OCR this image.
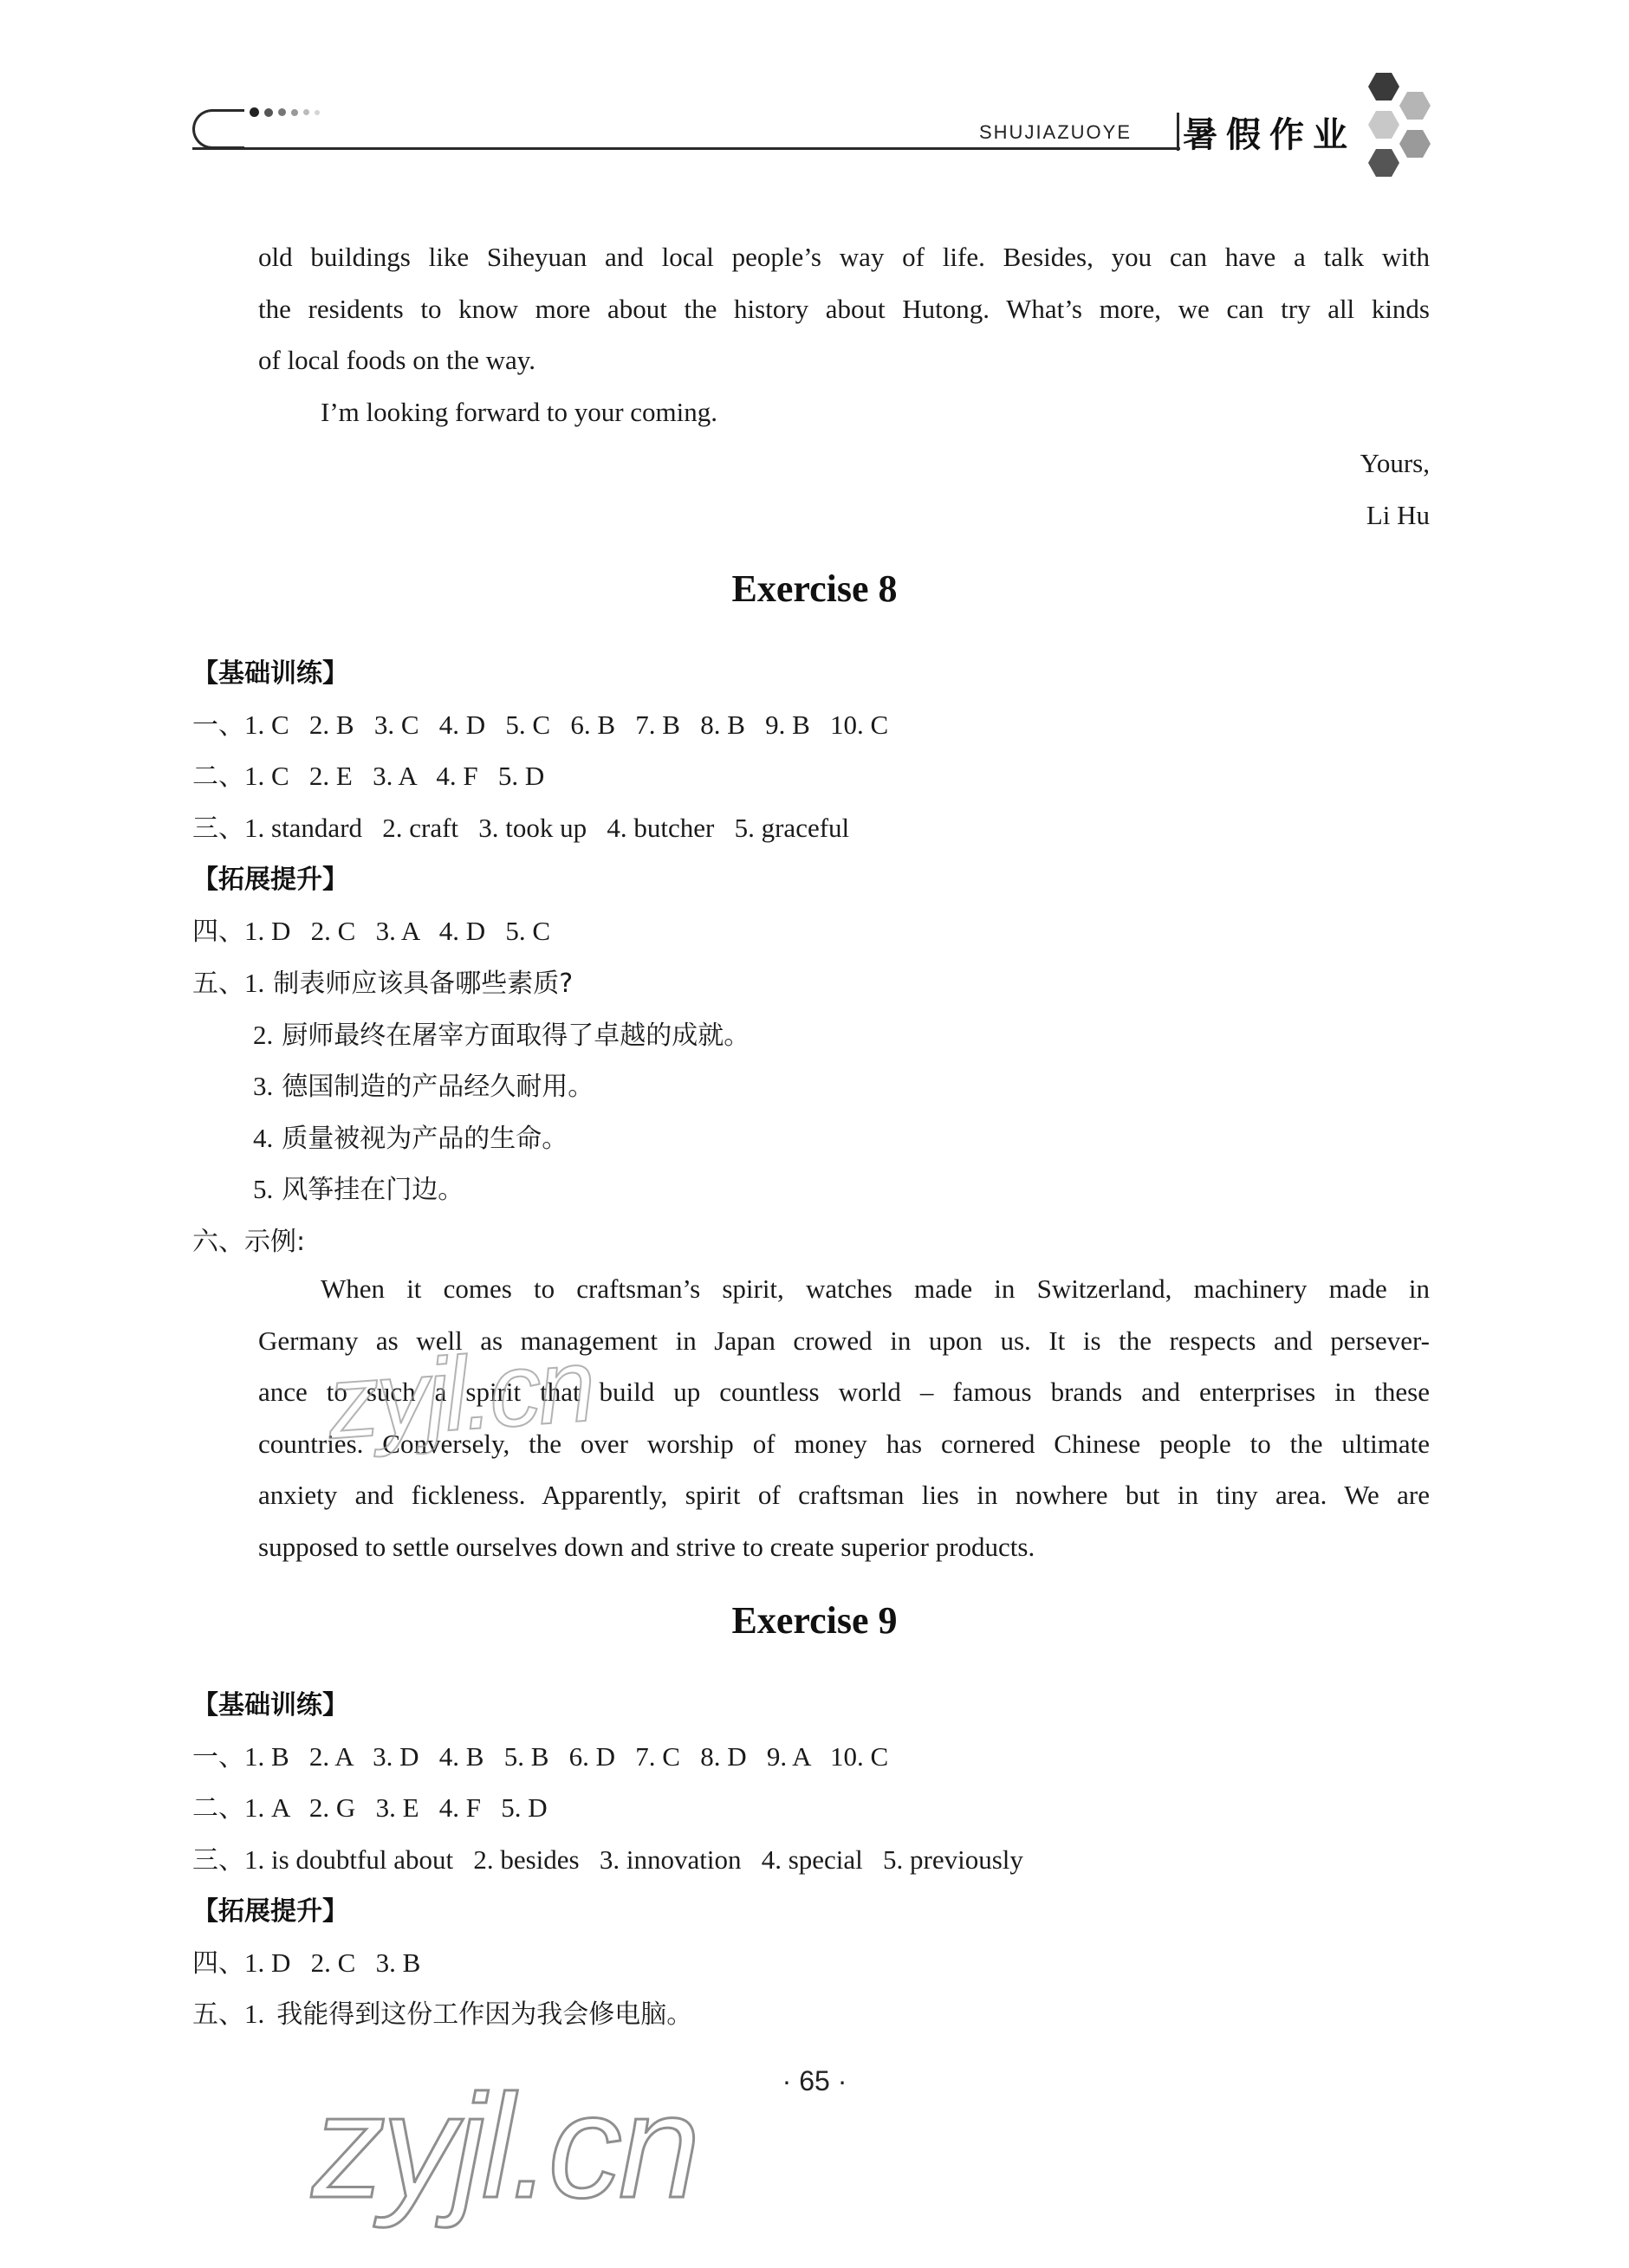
SHUJIAZUOYE 暑假作业
old buildings like Siheyuan and local people’s way of life. Besides, you can have a talk with
the residents to know more about the history about Hutong. What’s more, we can try all kinds
of local foods on the way.
I’m looking forward to your coming.
Yours,
Li Hu
Exercise 8
【基础训练】
一、1. C   2. B   3. C   4. D   5. C   6. B   7. B   8. B   9. B   10. C
二、1. C   2. E   3. A   4. F   5. D
三、1. standard   2. craft   3. took up   4. butcher   5. graceful
【拓展提升】
四、1. D   2. C   3. A   4. D   5. C
五、1. 制表师应该具备哪些素质?
2. 厨师最终在屠宰方面取得了卓越的成就。
3. 德国制造的产品经久耐用。
4. 质量被视为产品的生命。
5. 风筝挂在门边。
六、示例:
When it comes to craftsman’s spirit, watches made in Switzerland, machinery made in
Germany as well as management in Japan crowed in upon us. It is the respects and persever-
ance to such a spirit that build up countless world – famous brands and enterprises in these
countries. Conversely, the over worship of money has cornered Chinese people to the ultimate
anxiety and fickleness. Apparently, spirit of craftsman lies in nowhere but in tiny area. We are
supposed to settle ourselves down and strive to create superior products.
Exercise 9
【基础训练】
一、1. B   2. A   3. D   4. B   5. B   6. D   7. C   8. D   9. A   10. C
二、1. A   2. G   3. E   4. F   5. D
三、1. is doubtful about   2. besides   3. innovation   4. special   5. previously
【拓展提升】
四、1. D   2. C   3. B
五、1. 我能得到这份工作因为我会修电脑。
· 65 ·
zyjl.cn
zyjl.cn
